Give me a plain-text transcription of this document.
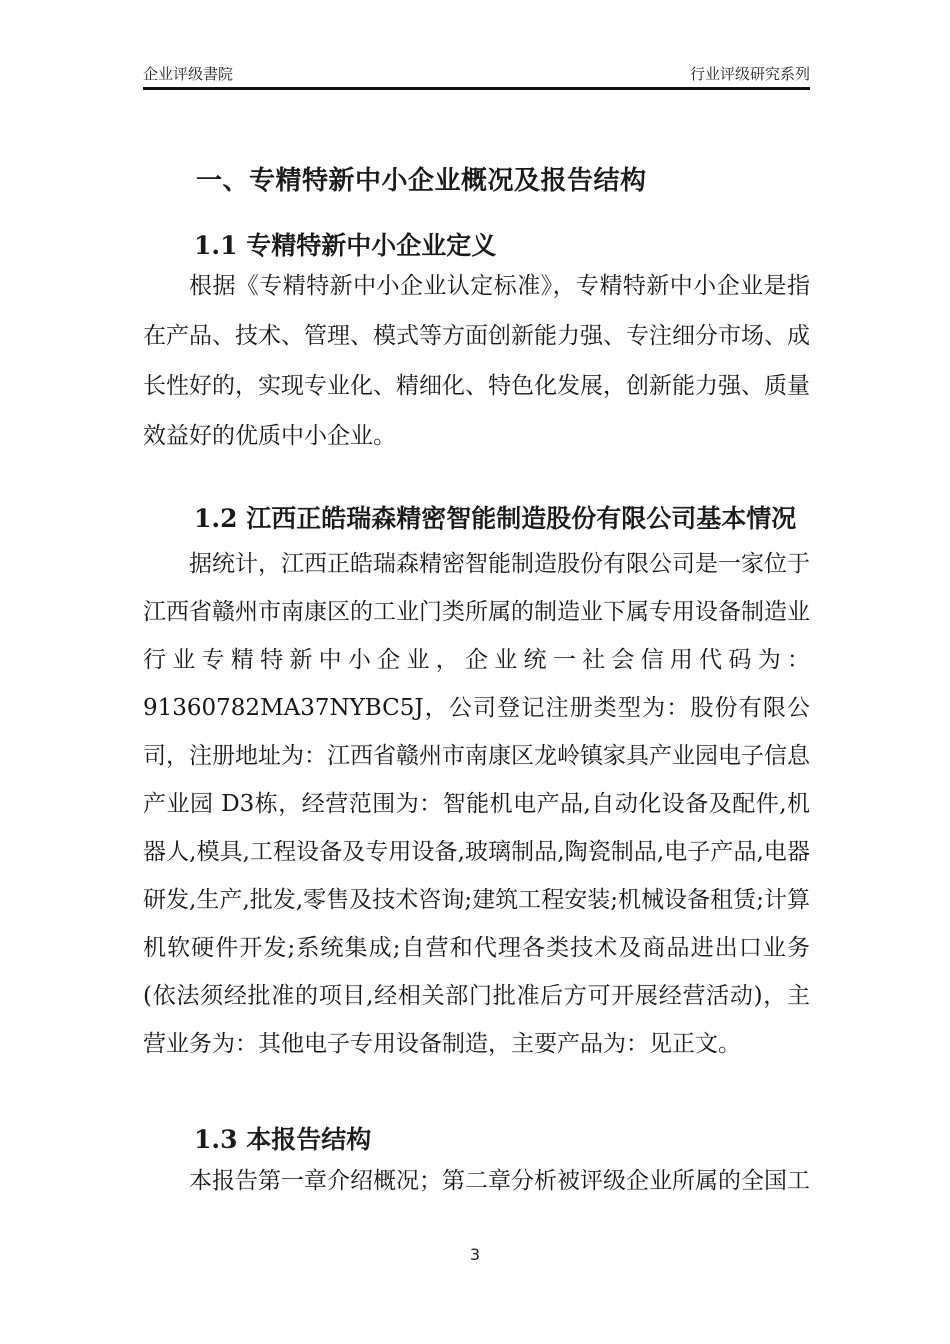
企业评级書院	行业评级研究系列
一、专精特新中小企业概况及报告结构
1.1 专精特新中小企业定义

根据《专精特新中小企业认定标准》，专精特新中小企业是指在产品、技术、管理、模式等方面创新能力强、专注细分市场、成长性好的，实现专业化、精细化、特色化发展，创新能力强、质量效益好的优质中小企业。

1.2 江西正皓瑞森精密智能制造股份有限公司基本情况

据统计，江西正皓瑞森精密智能制造股份有限公司是一家位于江西省赣州市南康区的工业门类所属的制造业下属专用设备制造业行业专精特新中小企业，企业统一社会信用代码为：91360782MA37NYBC5J，公司登记注册类型为：股份有限公司，注册地址为：江西省赣州市南康区龙岭镇家具产业园电子信息产业园 D3栋，经营范围为：智能机电产品,自动化设备及配件,机器人,模具,工程设备及专用设备,玻璃制品,陶瓷制品,电子产品,电器研发,生产,批发,零售及技术咨询;建筑工程安装;机械设备租赁;计算机软硬件开发;系统集成;自营和代理各类技术及商品进出口业务(依法须经批准的项目,经相关部门批准后方可开展经营活动)，主营业务为：其他电子专用设备制造，主要产品为：见正文。

1.3 本报告结构

本报告第一章介绍概况；第二章分析被评级企业所属的全国工

3
